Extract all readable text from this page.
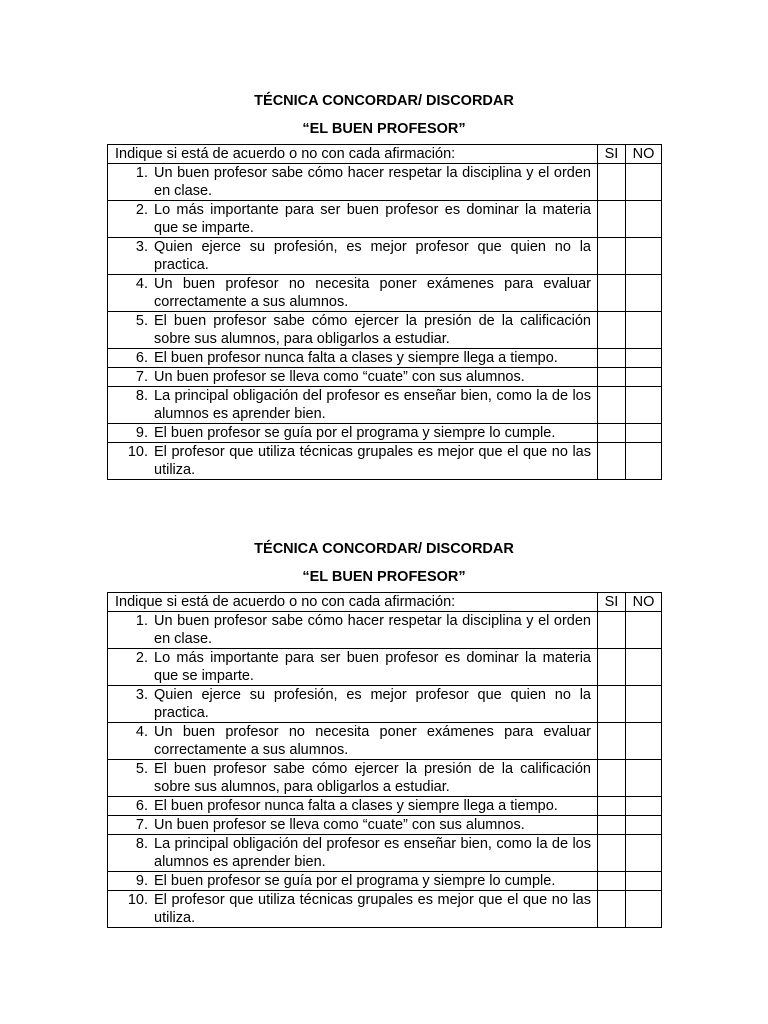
TÉCNICA CONCORDAR/ DISCORDAR

“EL BUEN PROFESOR”

Indique si está de acuerdo o no con cada afirmación:	SI	NO

1. Un buen profesor sabe cómo hacer respetar la disciplina y el orden en clase.		

2. Lo más importante para ser buen profesor es dominar la materia que se imparte.		

3. Quien ejerce su profesión, es mejor profesor que quien no la practica.		

4. Un buen profesor no necesita poner exámenes para evaluar correctamente a sus alumnos.		

5. El buen profesor sabe cómo ejercer la presión de la calificación sobre sus alumnos, para obligarlos a estudiar.		

6. El buen profesor nunca falta a clases y siempre llega a tiempo.		

7. Un buen profesor se lleva como “cuate” con sus alumnos.		

8. La principal obligación del profesor es enseñar bien, como la de los alumnos es aprender bien.		

9. El buen profesor se guía por el programa y siempre lo cumple.		

10. El profesor que utiliza técnicas grupales es mejor que el que no las utiliza.		

TÉCNICA CONCORDAR/ DISCORDAR

“EL BUEN PROFESOR”

Indique si está de acuerdo o no con cada afirmación:	SI	NO

1. Un buen profesor sabe cómo hacer respetar la disciplina y el orden en clase.		

2. Lo más importante para ser buen profesor es dominar la materia que se imparte.		

3. Quien ejerce su profesión, es mejor profesor que quien no la practica.		

4. Un buen profesor no necesita poner exámenes para evaluar correctamente a sus alumnos.		

5. El buen profesor sabe cómo ejercer la presión de la calificación sobre sus alumnos, para obligarlos a estudiar.		

6. El buen profesor nunca falta a clases y siempre llega a tiempo.		

7. Un buen profesor se lleva como “cuate” con sus alumnos.		

8. La principal obligación del profesor es enseñar bien, como la de los alumnos es aprender bien.		

9. El buen profesor se guía por el programa y siempre lo cumple.		

10. El profesor que utiliza técnicas grupales es mejor que el que no las utiliza.		
